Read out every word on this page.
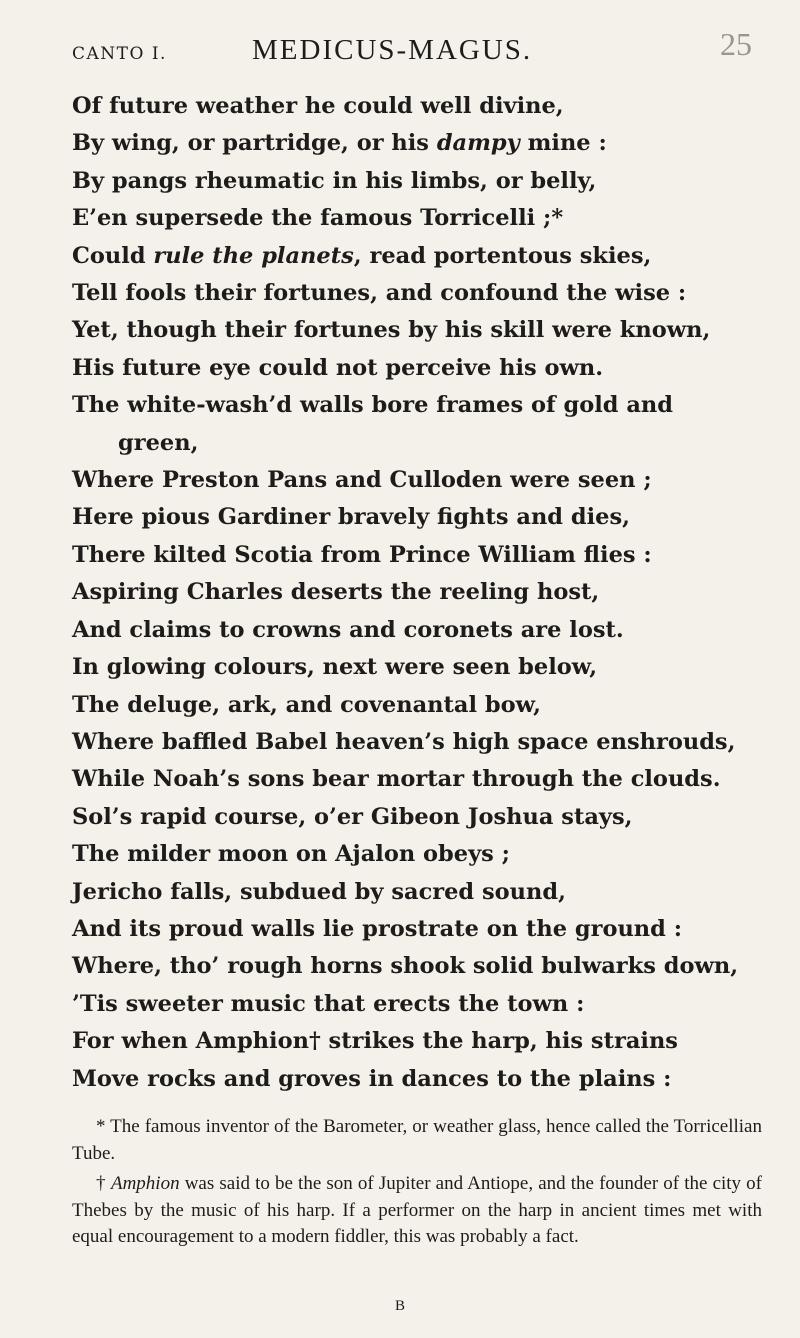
CANTO I.	MEDICUS-MAGUS.	25
Of future weather he could well divine,
By wing, or partridge, or his dampy mine :
By pangs rheumatic in his limbs, or belly,
E’en supersede the famous Torricelli ;*
Could rule the planets, read portentous skies,
Tell fools their fortunes, and confound the wise :
Yet, though their fortunes by his skill were known,
His future eye could not perceive his own.
The white-wash’d walls bore frames of gold and
green,
Where Preston Pans and Culloden were seen ;
Here pious Gardiner bravely fights and dies,
There kilted Scotia from Prince William flies :
Aspiring Charles deserts the reeling host,
And claims to crowns and coronets are lost.
In glowing colours, next were seen below,
The deluge, ark, and covenantal bow,
Where baffled Babel heaven’s high space enshrouds,
While Noah’s sons bear mortar through the clouds.
Sol’s rapid course, o’er Gibeon Joshua stays,
The milder moon on Ajalon obeys ;
Jericho falls, subdued by sacred sound,
And its proud walls lie prostrate on the ground :
Where, tho’ rough horns shook solid bulwarks down,
’Tis sweeter music that erects the town :
For when Amphion† strikes the harp, his strains
Move rocks and groves in dances to the plains :

* The famous inventor of the Barometer, or weather glass, hence called the Torricellian Tube.

† Amphion was said to be the son of Jupiter and Antiope, and the founder of the city of Thebes by the music of his harp. If a performer on the harp in ancient times met with equal encouragement to a modern fiddler, this was probably a fact.

B
